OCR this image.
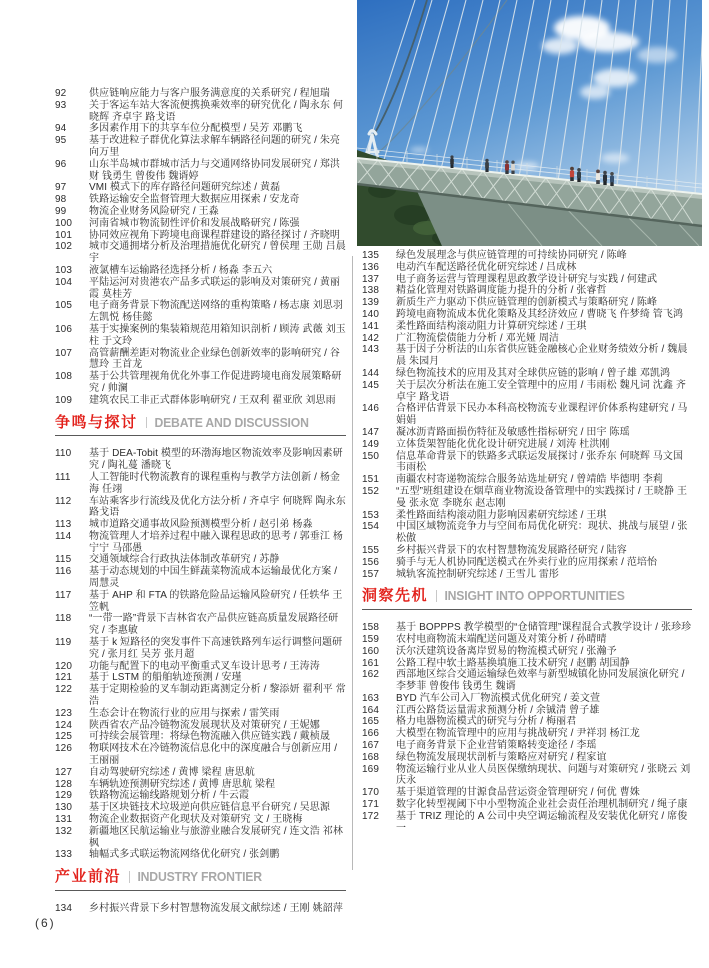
92	供应链响应能力与客户服务满意度的关系研究 / 程旭瑞
93	关于客运车站大客流便携换乘效率的研究优化 / 陶永东 何晓辉 齐卓宇 路戈语
94	多因素作用下的共享车位分配模型 / 吴芳 邓鹏飞
95	基于改进粒子群优化算法求解车辆路径问题的研究 / 朱亮 向万里
96	山东半岛城市群城市活力与交通网络协同发展研究 / 郑洪财 钱勇生 曾俊伟 魏谞婷
97	VMI 模式下的库存路径问题研究综述 / 黄磊
98	铁路运输安全监督管理大数据应用探索 / 安龙奇
99	物流企业财务风险研究 / 王淼
100	河南省城市物流韧性评价和发展战略研究 / 陈强
101	协同效应视角下跨境电商课程群建设的路径探讨 / 齐晓明
102	城市交通拥堵分析及治理措施优化研究 / 曾侯理 王勋 吕晨宇
103	液氯槽车运输路径选择分析 / 杨淼 李五六
104	平陆运河对贵港农产品多式联运的影响及对策研究 / 黄丽霞 莫桂芳
105	电子商务背景下物流配送网络的重构策略 / 杨志康 刘思羽 左凯悦 杨佳懿
106	基于实操案例的集装箱规范用箱知识剖析 / 顾涛 武薇 刘玉柱 于文玲
107	高管薪酬差距对物流业企业绿色创新效率的影响研究 / 谷慧玲 王首龙
108	基于公共管理视角优化外事工作促进跨境电商发展策略研究 / 帅澜
109	建筑农民工非正式群体影响研究 / 王双利 翟亚欣 刘思雨
争鸣与探讨 DEBATE AND DISCUSSION
110	基于 DEA-Tobit 模型的环渤海地区物流效率及影响因素研究 / 陶礼蔓 潘晓飞
111	人工智能时代物流教育的课程重构与教学方法创新 / 杨金海 任翊
112	车站乘客步行流线及优化方法分析 / 齐卓宇 何晓辉 陶永东 路戈语
113	城市道路交通事故风险预测模型分析 / 赵引弟 杨淼
114	物流管理人才培养过程中融入课程思政的思考 / 郭垂江 杨宁宁 马邵愚
115	交通领域综合行政执法体制改革研究 / 苏静
116	基于动态规划的中国生鲜蔬菜物流成本运输最优化方案 / 周慧灵
117	基于 AHP 和 FTA 的铁路危险品运输风险研究 / 任轶华 王笠帆
118	“一带一路”背景下吉林省农产品供应链高质量发展路径研究 / 李惠敏
119	基于 k 短路径的突发事件下高速铁路列车运行调整问题研究 / 张月红 吴芳 张月超
120	功能与配置下的电动平衡重式叉车设计思考 / 王涛涛
121	基于 LSTM 的船舶轨迹预测 / 安瑾
122	基于定期检验的叉车制动距离测定分析 / 黎添妍 翟利平 常浩
123	生态会计在物流行业的应用与探索 / 雷笑雨
124	陕西省农产品冷链物流发展现状及对策研究 / 王妮娜
125	可持续会展管理：将绿色物流融入供应链实践 / 戴桢晟
126	物联网技术在冷链物流信息化中的深度融合与创新应用 / 王丽丽
127	自动驾驶研究综述 / 黄博 梁程 唐思航
128	车辆轨迹预测研究综述 / 黄博 唐思航 梁程
129	铁路物流运输线路规划分析 / 牛云霞
130	基于区块链技术垃圾逆向供应链信息平台研究 / 吴思源
131	物流企业数据资产化现状及对策研究 文 / 王晓梅
132	新疆地区民航运输业与旅游业融合发展研究 / 连文浩 祁林枫
133	轴幅式多式联运物流网络优化研究 / 张剑鹏
产业前沿 INDUSTRY FRONTIER
134	乡村振兴背景下乡村智慧物流发展文献综述 / 王刚 姚韶萍
135	绿色发展理念与供应链管理的可持续协同研究 / 陈峰
136	电动汽车配送路径优化研究综述 / 吕成林
137	电子商务运营与管理课程思政教学设计研究与实践 / 何建武
138	精益化管理对铁路调度能力提升的分析 / 张睿哲
139	新质生产力驱动下供应链管理的创新模式与策略研究 / 陈峰
140	跨境电商物流成本优化策略及其经济效应 / 曹晓飞 仵梦绮 管飞鸿
141	柔性路面结构滚动阻力计算研究综述 / 王琪
142	广汇物流偿债能力分析 / 邓光娅 周洁
143	基于因子分析法的山东省供应链金融核心企业财务绩效分析 / 魏晨晨 朱园月
144	绿色物流技术的应用及其对全球供应链的影响 / 曾子雄 邓凯鸿
145	关于层次分析法在施工安全管理中的应用 / 韦雨松 魏凡词 沈鑫 齐卓宇 路戈语
146	合格评估背景下民办本科高校物流专业课程评价体系构建研究 / 马娟娟
147	凝冰沥青路面损伤特征及敏感性指标研究 / 田宇 陈瑶
149	立体货架智能化优化设计研究进展 / 刘涛 杜洪刚
150	信息革命背景下的铁路多式联运发展探讨 / 张乔东 何晓辉 马文国 韦雨松
151	南疆农村寄递物流综合服务站选址研究 / 曾靖皓 毕德明 李莉
152	“五型”班组建设在烟草商业物流设备管理中的实践探讨 / 王晓静 王曼 张永宽 李晓东 赵志刚
153	柔性路面结构滚动阻力影响因素研究综述 / 王琪
154	中国区域物流竞争力与空间布局优化研究：现状、挑战与展望 / 张松傲
155	乡村振兴背景下的农村智慧物流发展路径研究 / 陆容
156	骑手与无人机协同配送模式在外卖行业的应用探索 / 范培怡
157	城轨客流控制研究综述 / 王雪儿 雷彤
洞察先机 INSIGHT INTO OPPORTUNITIES
158	基于 BOPPPS 教学模型的“仓储管理”课程混合式教学设计 / 张珍珍
159	农村电商物流末端配送问题及对策分析 / 孙晴晴
160	沃尔沃建筑设备离岸贸易的物流模式研究 / 张瀚予
161	公路工程中软土路基换填施工技术研究 / 赵鹏 胡国静
162	西部地区综合交通运输绿色效率与新型城镇化协同发展演化研究 / 李梦菲 曾俊伟 钱勇生 魏谞
163	BYD 汽车公司入厂物流模式优化研究 / 姜文萱
164	江西公路货运量需求预测分析 / 余铖清 曾子雄
165	格力电器物流模式的研究与分析 / 梅丽君
166	大模型在物流管理中的应用与挑战研究 / 尹祥羽 杨江龙
167	电子商务背景下企业营销策略转变途径 / 李瑶
168	绿色物流发展现状剖析与策略应对研究 / 程家谊
169	物流运输行业从业人员医保缴纳现状、问题与对策研究 / 张晓云 刘庆永
170	基于渠道管理的甘源食品营运资金管理研究 / 何优 曹姝
171	数字化转型视阈下中小型物流企业社会责任治理机制研究 / 绳子康
172	基于 TRIZ 理论的 A 公司中央空调运输流程及安装优化研究 / 席俊一
(6)
